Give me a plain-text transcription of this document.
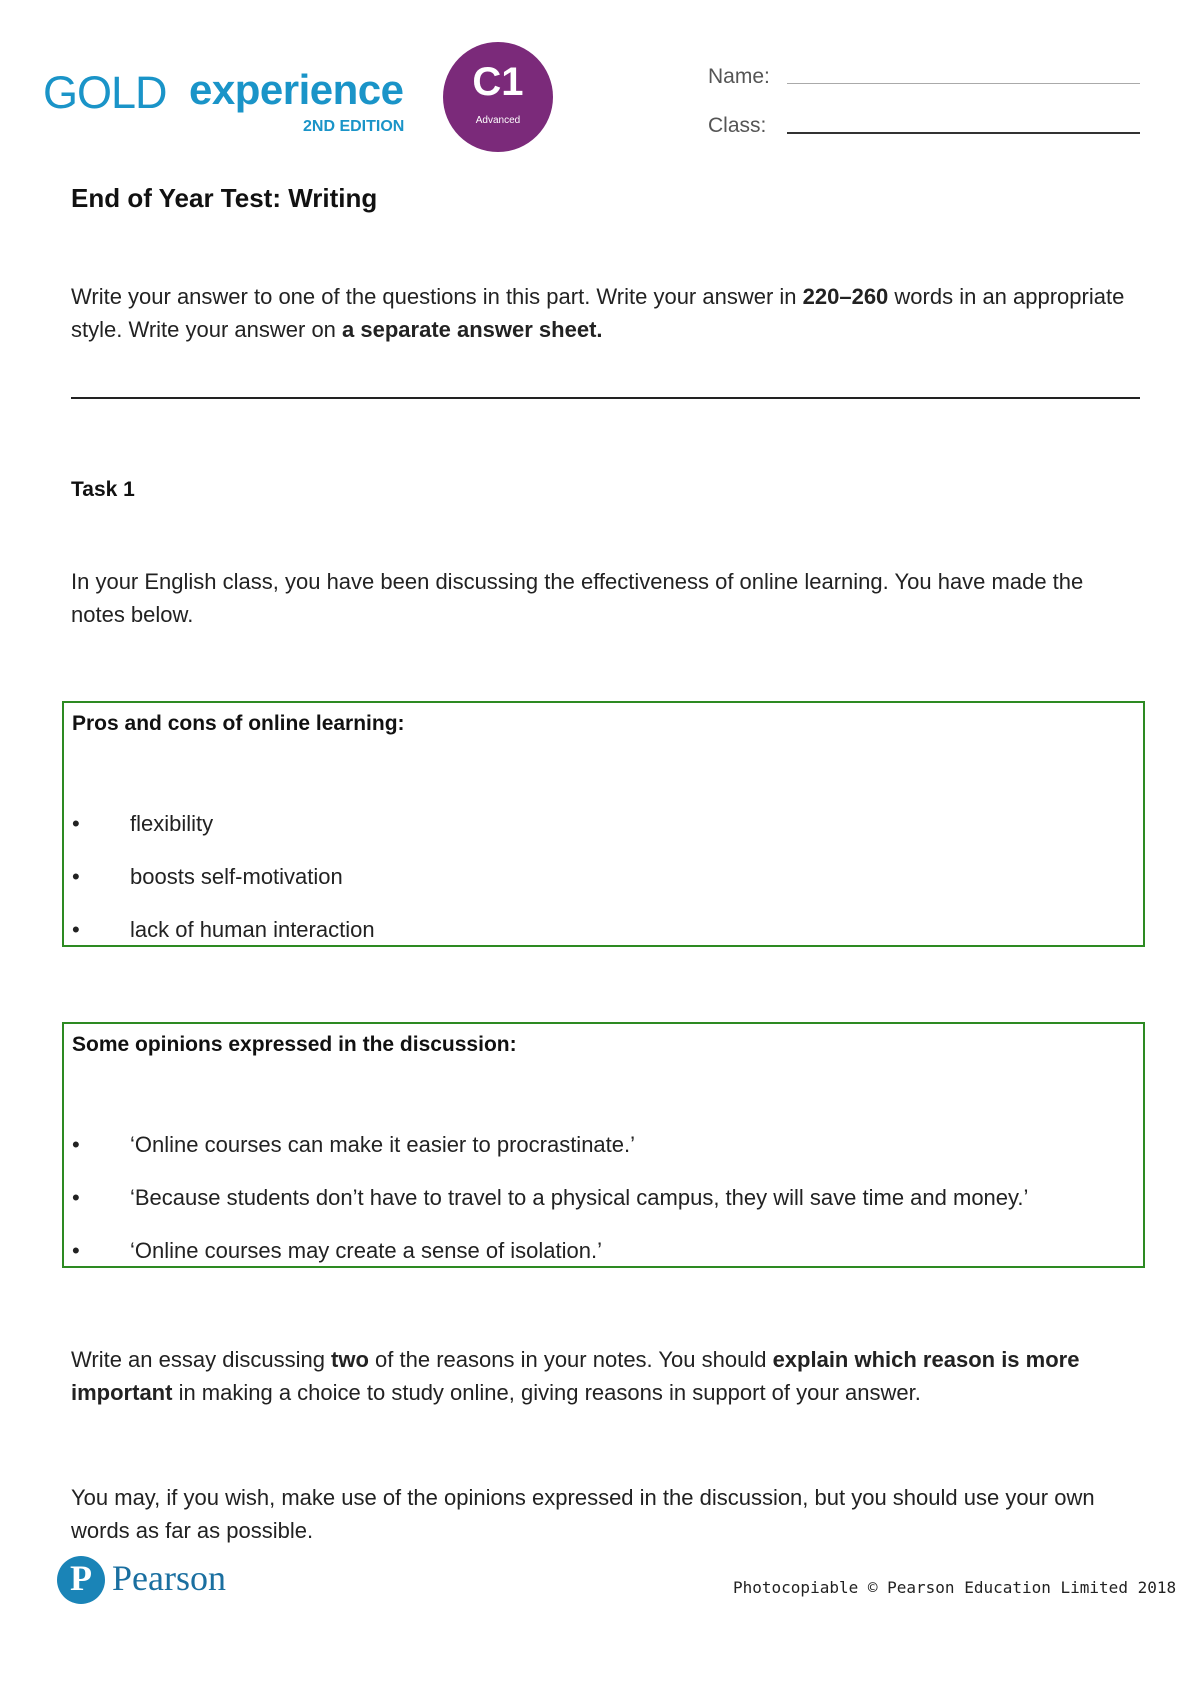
GOLD experience
2ND EDITION
C1
Advanced
Name:
Class:
End of Year Test: Writing
Write your answer to one of the questions in this part. Write your answer in 220–260 words in an appropriate style. Write your answer on a separate answer sheet.
Task 1
In your English class, you have been discussing the effectiveness of online learning. You have made the notes below.
Pros and cons of online learning:
• flexibility
• boosts self-motivation
• lack of human interaction
Some opinions expressed in the discussion:
• ‘Online courses can make it easier to procrastinate.’
• ‘Because students don’t have to travel to a physical campus, they will save time and money.’
• ‘Online courses may create a sense of isolation.’
Write an essay discussing two of the reasons in your notes. You should explain which reason is more important in making a choice to study online, giving reasons in support of your answer.
You may, if you wish, make use of the opinions expressed in the discussion, but you should use your own words as far as possible.
P Pearson	Photocopiable © Pearson Education Limited 2018
